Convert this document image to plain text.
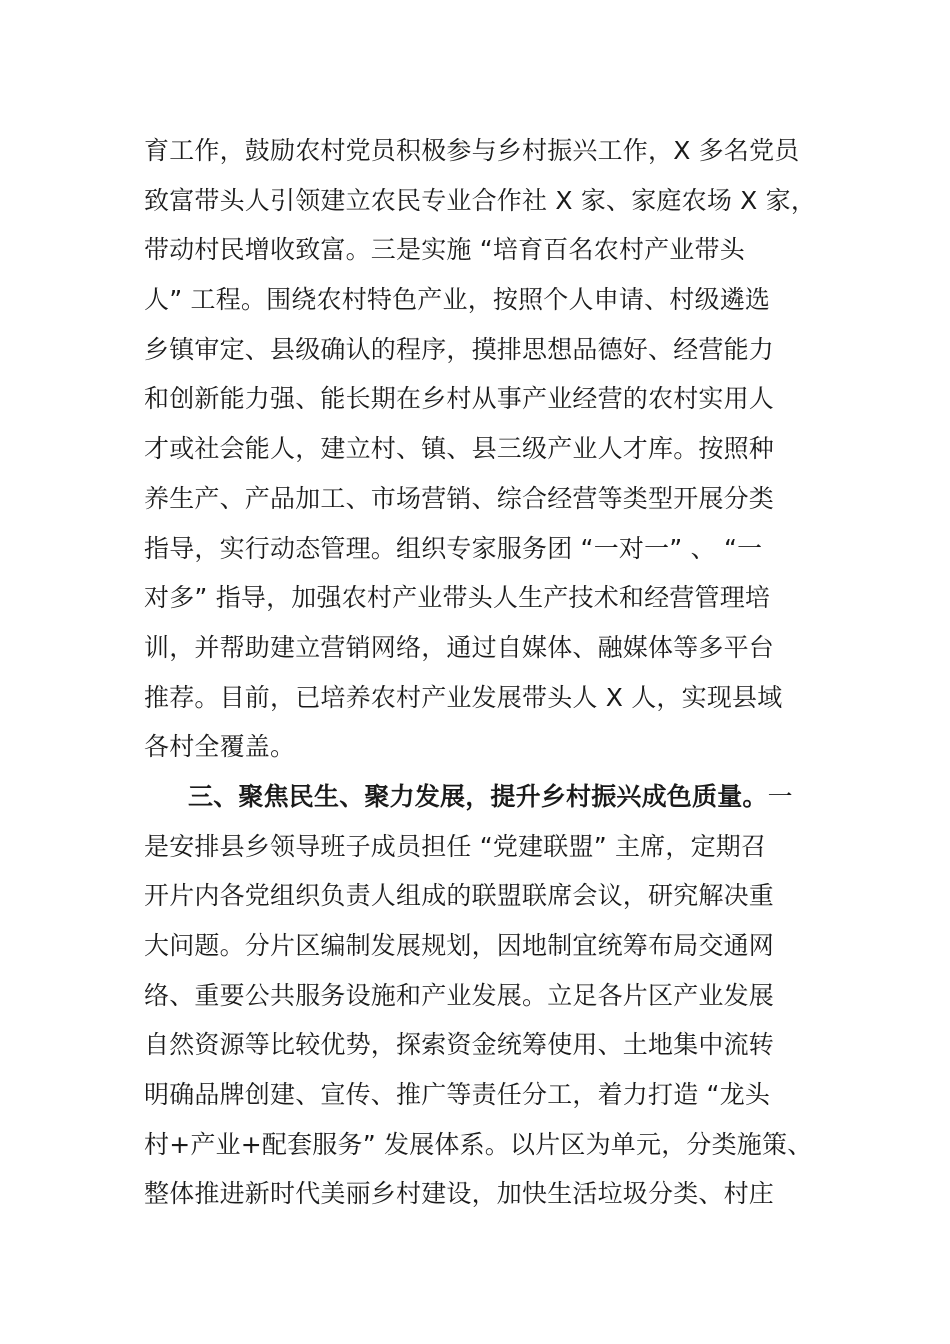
育工作，鼓励农村党员积极参与乡村振兴工作，X 多名党员
致富带头人引领建立农民专业合作社 X 家、家庭农场 X 家，
带动村民增收致富。三是实施 “培育百名农村产业带头
人” 工程。围绕农村特色产业，按照个人申请、村级遴选
乡镇审定、县级确认的程序，摸排思想品德好、经营能力
和创新能力强、能长期在乡村从事产业经营的农村实用人
才或社会能人，建立村、镇、县三级产业人才库。按照种
养生产、产品加工、市场营销、综合经营等类型开展分类
指导，实行动态管理。组织专家服务团 “一对一” 、 “一
对多” 指导，加强农村产业带头人生产技术和经营管理培
训，并帮助建立营销网络，通过自媒体、融媒体等多平台
推荐。目前，已培养农村产业发展带头人 X 人，实现县域
各村全覆盖。
三、聚焦民生、聚力发展，提升乡村振兴成色质量。一
是安排县乡领导班子成员担任 “党建联盟” 主席，定期召
开片内各党组织负责人组成的联盟联席会议，研究解决重
大问题。分片区编制发展规划，因地制宜统筹布局交通网
络、重要公共服务设施和产业发展。立足各片区产业发展
自然资源等比较优势，探索资金统筹使用、土地集中流转
明确品牌创建、宣传、推广等责任分工，着力打造 “龙头
村+产业+配套服务” 发展体系。以片区为单元，分类施策、
整体推进新时代美丽乡村建设，加快生活垃圾分类、村庄
